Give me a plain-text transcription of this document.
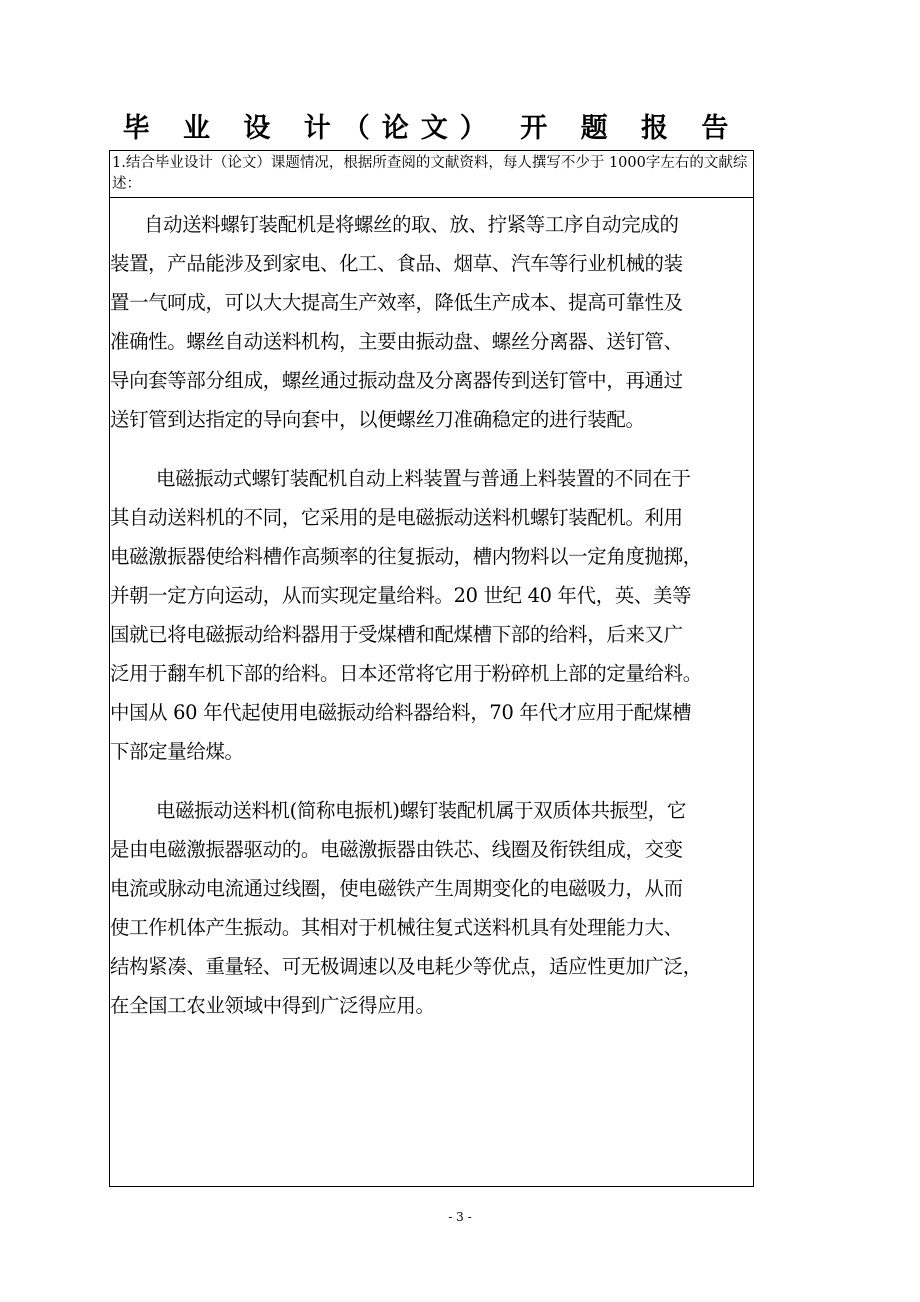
毕 业 设 计（论文） 开 题 报 告
1.结合毕业设计（论文）课题情况，根据所查阅的文献资料，每人撰写不少于 1000字左右的文献综述：
自动送料螺钉装配机是将螺丝的取、放、拧紧等工序自动完成的
装置，产品能涉及到家电、化工、食品、烟草、汽车等行业机械的装
置一气呵成，可以大大提高生产效率，降低生产成本、提高可靠性及
准确性。螺丝自动送料机构，主要由振动盘、螺丝分离器、送钉管、
导向套等部分组成，螺丝通过振动盘及分离器传到送钉管中，再通过
送钉管到达指定的导向套中，以便螺丝刀准确稳定的进行装配。
电磁振动式螺钉装配机自动上料装置与普通上料装置的不同在于
其自动送料机的不同，它采用的是电磁振动送料机螺钉装配机。利用
电磁激振器使给料槽作高频率的往复振动，槽内物料以一定角度抛掷，
并朝一定方向运动，从而实现定量给料。20 世纪 40 年代，英、美等
国就已将电磁振动给料器用于受煤槽和配煤槽下部的给料，后来又广
泛用于翻车机下部的给料。日本还常将它用于粉碎机上部的定量给料。
中国从 60 年代起使用电磁振动给料器给料，70 年代才应用于配煤槽
下部定量给煤。
电磁振动送料机(简称电振机)螺钉装配机属于双质体共振型，它
是由电磁激振器驱动的。电磁激振器由铁芯、线圈及衔铁组成，交变
电流或脉动电流通过线圈，使电磁铁产生周期变化的电磁吸力，从而
使工作机体产生振动。其相对于机械往复式送料机具有处理能力大、
结构紧凑、重量轻、可无极调速以及电耗少等优点，适应性更加广泛，
在全国工农业领域中得到广泛得应用。
- 3 -
